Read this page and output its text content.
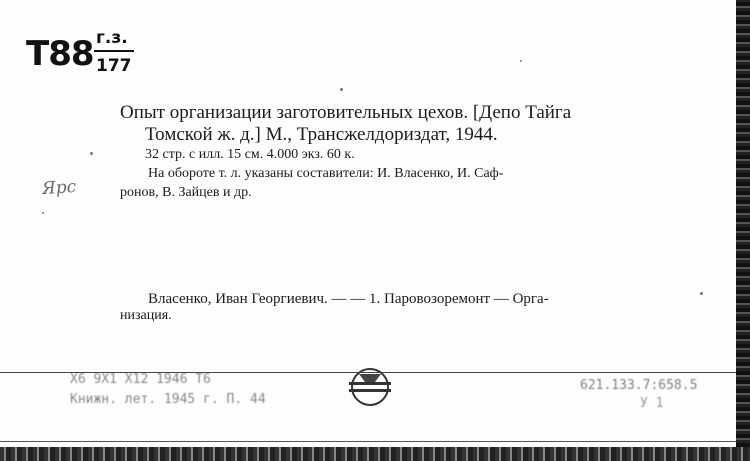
Т88 г.з.
177
Ярс
Опыт организации заготовительных цехов. [Депо Тайга
Томской ж. д.] М., Трансжелдориздат, 1944.
32 стр. с илл. 15 см. 4.000 экз. 60 к.
На обороте т. л. указаны составители: И. Власенко, И. Саф-
ронов, В. Зайцев и др.
Власенко, Иван Георгиевич. — — 1. Паровозоремонт — Орга-
низация.
Х6 9Х1 Х12 1946 Т6
Книжн. лет. 1945 г. П. 44
621.133.7:658.5
У 1
